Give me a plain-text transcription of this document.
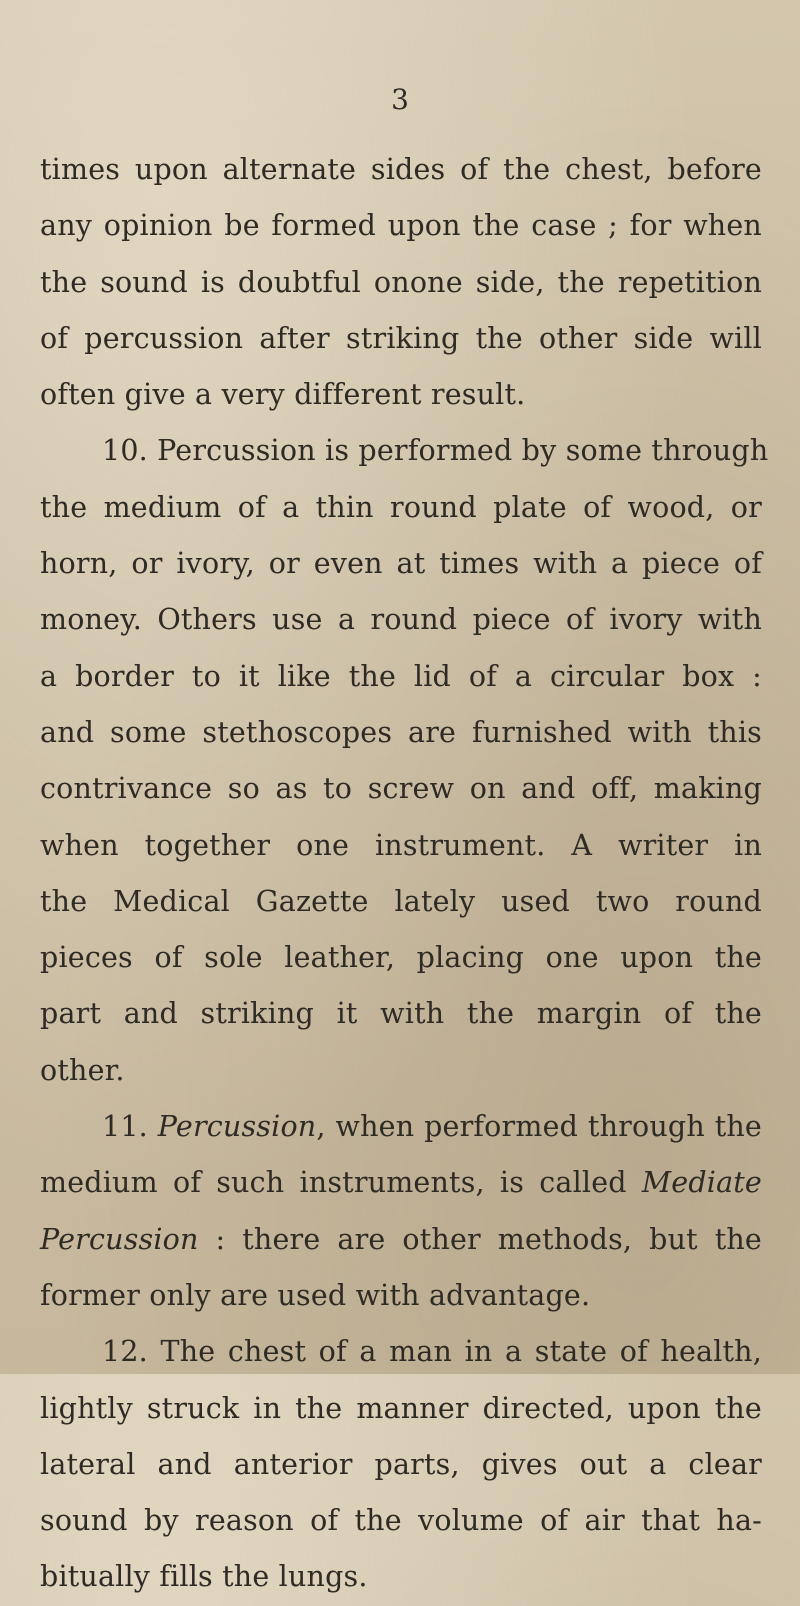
3
times upon alternate sides of the chest, before
any opinion be formed upon the case ; for when
the sound is doubtful onone side, the repetition
of percussion after striking the other side will
often give a very different result.
10. Percussion is performed by some through
the medium of a thin round plate of wood, or
horn, or ivory, or even at times with a piece of
money. Others use a round piece of ivory with
a border to it like the lid of a circular box :
and some stethoscopes are furnished with this
contrivance so as to screw on and off, making
when together one instrument. A writer in
the Medical Gazette lately used two round
pieces of sole leather, placing one upon the
part and striking it with the margin of the
other.
11. Percussion, when performed through the
medium of such instruments, is called Mediate
Percussion : there are other methods, but the
former only are used with advantage.
12. The chest of a man in a state of health,
lightly struck in the manner directed, upon the
lateral and anterior parts, gives out a clear
sound by reason of the volume of air that ha-
bitually fills the lungs.
